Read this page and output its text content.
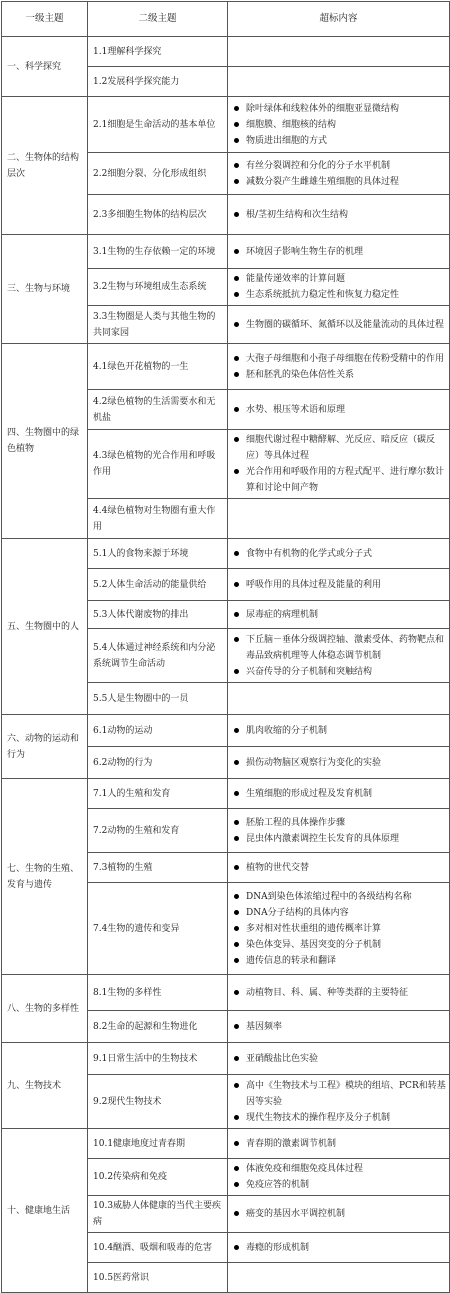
一级主题	二级主题	超标内容
一、科学探究	1.1理解科学探究	
	1.2发展科学探究能力	
二、生物体的结构层次	2.1细胞是生命活动的基本单位	除叶绿体和线粒体外的细胞亚显微结构
细胞膜、细胞核的结构
物质进出细胞的方式

	2.2细胞分裂、分化形成组织	有丝分裂调控和分化的分子水平机制
减数分裂产生雌雄生殖细胞的具体过程

	2.3多细胞生物体的结构层次	根/茎初生结构和次生结构

三、生物与环境	3.1生物的生存依赖一定的环境	环境因子影响生物生存的机理

	3.2生物与环境组成生态系统	能量传递效率的计算问题
生态系统抵抗力稳定性和恢复力稳定性

	3.3生物圈是人类与其他生物的共同家园	生物圈的碳循环、氮循环以及能量流动的具体过程

四、生物圈中的绿色植物	4.1绿色开花植物的一生	大孢子母细胞和小孢子母细胞在传粉受精中的作用
胚和胚乳的染色体倍性关系

	4.2绿色植物的生活需要水和无机盐	水势、根压等术语和原理

	4.3绿色植物的光合作用和呼吸作用	细胞代谢过程中糖酵解、光反应、暗反应（碳反应）等具体过程
光合作用和呼吸作用的方程式配平、进行摩尔数计算和讨论中间产物

	4.4绿色植物对生物圈有重大作用	
五、生物圈中的人	5.1人的食物来源于环境	食物中有机物的化学式或分子式

	5.2人体生命活动的能量供给	呼吸作用的具体过程及能量的利用

	5.3人体代谢废物的排出	尿毒症的病理机制

	5.4人体通过神经系统和内分泌系统调节生命活动	下丘脑－垂体分级调控轴、激素受体、药物靶点和毒品致病机理等人体稳态调节机制
兴奋传导的分子机制和突触结构

	5.5人是生物圈中的一员	
六、动物的运动和行为	6.1动物的运动	肌肉收缩的分子机制

	6.2动物的行为	损伤动物脑区观察行为变化的实验

七、生物的生殖、发育与遗传	7.1人的生殖和发育	生殖细胞的形成过程及发育机制

	7.2动物的生殖和发育	胚胎工程的具体操作步骤
昆虫体内激素调控生长发育的具体原理

	7.3植物的生殖	植物的世代交替

	7.4生物的遗传和变异	DNA到染色体浓缩过程中的各级结构名称
DNA分子结构的具体内容
多对相对性状重组的遗传概率计算
染色体变异、基因突变的分子机制
遗传信息的转录和翻译

八、生物的多样性	8.1生物的多样性	动植物目、科、属、种等类群的主要特征

	8.2生命的起源和生物进化	基因频率

九、生物技术	9.1日常生活中的生物技术	亚硝酸盐比色实验

	9.2现代生物技术	高中《生物技术与工程》模块的组培、PCR和转基因等实验
现代生物技术的操作程序及分子机制

十、健康地生活	10.1健康地度过青春期	青春期的激素调节机制

	10.2传染病和免疫	体液免疫和细胞免疫具体过程
免疫应答的机制

	10.3威胁人体健康的当代主要疾病	癌变的基因水平调控机制

	10.4酗酒、吸烟和吸毒的危害	毒瘾的形成机制

	10.5医药常识	
